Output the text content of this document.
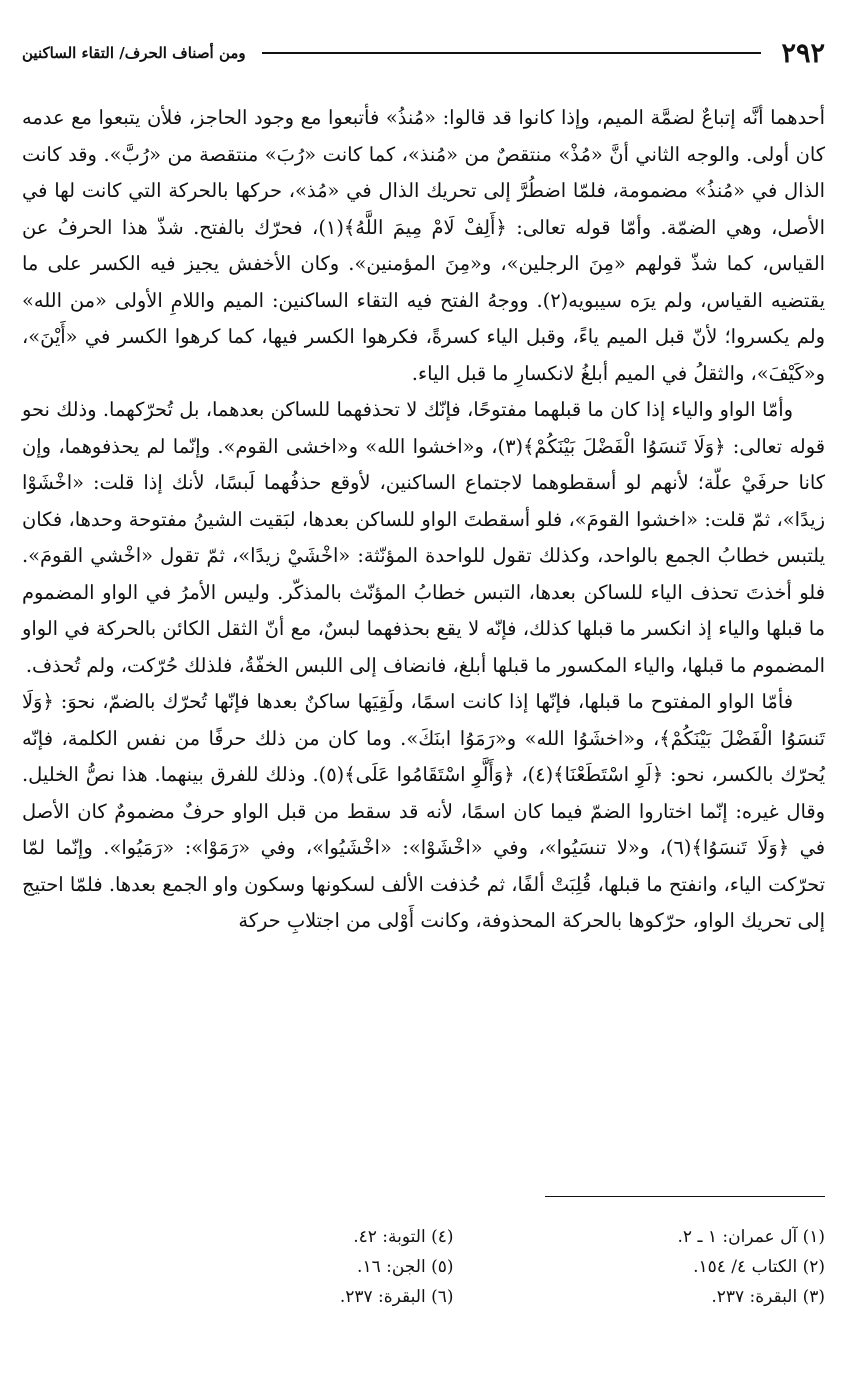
٢٩٢
ومن أصناف الحرف/ التقاء الساكنين

أحدهما أنَّه إتباعٌ لضمَّة الميم، وإذا كانوا قد قالوا: «مُنذُ» فأتبعوا مع وجود الحاجز، فلأن يتبعوا مع عدمه كان أولى. والوجه الثاني أنَّ «مُذْ» منتقصٌ من «مُنذ»، كما كانت «رُبَ» منتقصة من «رُبَّ». وقد كانت الذال في «مُنذُ» مضمومة، فلمّا اضطُرَّ إلى تحريك الذال في «مُذ»، حركها بالحركة التي كانت لها في الأصل، وهي الضمّة. وأمّا قوله تعالى: ﴿أَلِفْ لَامْ مِيمَ اللَّهُ﴾(١)، فحرّك بالفتح. شذّ هذا الحرفُ عن القياس، كما شذّ قولهم «مِنَ الرجلين»، و«مِنَ المؤمنين». وكان الأخفش يجيز فيه الكسر على ما يقتضيه القياس، ولم يرَه سيبويه(٢). ووجهُ الفتح فيه التقاء الساكنين: الميم واللامِ الأولى «من الله» ولم يكسروا؛ لأنّ قبل الميم ياءً، وقبل الياء كسرةً، فكرهوا الكسر فيها، كما كرهوا الكسر في «أَيْنَ»، و«كَيْفَ»، والثقلُ في الميم أبلغُ لانكسارِ ما قبل الياء.

وأمّا الواو والياء إذا كان ما قبلهما مفتوحًا، فإنّك لا تحذفهما للساكن بعدهما، بل تُحرّكهما. وذلك نحو قوله تعالى: ﴿وَلَا تَنسَوُا الْفَضْلَ بَيْنَكُمْ﴾(٣)، و«اخشوا الله» و«اخشى القوم». وإنّما لم يحذفوهما، وإن كانا حرفَيْ علّة؛ لأنهم لو أسقطوهما لاجتماع الساكنين، لأوقع حذفُهما لَبسًا، لأنك إذا قلت: «اخْشَوْا زيدًا»، ثمّ قلت: «اخشوا القومَ»، فلو أسقطتَ الواو للساكن بعدها، لبَقيت الشينُ مفتوحة وحدها، فكان يلتبس خطابُ الجمع بالواحد، وكذلك تقول للواحدة المؤنّثة: «اخْشَيْ زيدًا»، ثمّ تقول «اخْشي القومَ». فلو أخذتَ تحذف الياء للساكن بعدها، التبس خطابُ المؤنّث بالمذكّر. وليس الأمرُ في الواو المضموم ما قبلها والياء إذ انكسر ما قبلها كذلك، فإنّه لا يقع بحذفهما لبسٌ، مع أنّ الثقل الكائن بالحركة في الواو المضموم ما قبلها، والياء المكسور ما قبلها أبلغ، فانضاف إلى اللبس الخفّةُ، فلذلك حُرّكت، ولم تُحذف.

فأمّا الواو المفتوح ما قبلها، فإنّها إذا كانت اسمًا، ولَقِيَها ساكنٌ بعدها فإنّها تُحرّك بالضمّ، نحوَ: ﴿وَلَا تَنسَوُا الْفَضْلَ بَيْنَكُمْ﴾، و«اخشَوُا الله» و«رَمَوُا ابنَكَ». وما كان من ذلك حرفًا من نفس الكلمة، فإنّه يُحرّك بالكسر، نحو: ﴿لَوِ اسْتَطَعْنَا﴾(٤)، ﴿وَأَلَّوِ اسْتَقَامُوا عَلَى﴾(٥). وذلك للفرق بينهما. هذا نصُّ الخليل. وقال غيره: إنّما اختاروا الضمّ فيما كان اسمًا، لأنه قد سقط من قبل الواو حرفٌ مضمومٌ كان الأصل في ﴿وَلَا تَنسَوُا﴾(٦)، و«لا تنسَيُوا»، وفي «اخْشَوْا»: «اخْشَيُوا»، وفي «رَمَوْا»: «رَمَيُوا». وإنّما لمّا تحرّكت الياء، وانفتح ما قبلها، قُلِبَتْ ألفًا، ثم حُذفت الألف لسكونها وسكون واو الجمع بعدها. فلمّا احتيج إلى تحريك الواو، حرّكوها بالحركة المحذوفة، وكانت أَوْلى من اجتلابِ حركة

(١) آل عمران: ١ ـ ٢.
(٢) الكتاب ٤/ ١٥٤.
(٣) البقرة: ٢٣٧.
(٤) التوبة: ٤٢.
(٥) الجن: ١٦.
(٦) البقرة: ٢٣٧.
